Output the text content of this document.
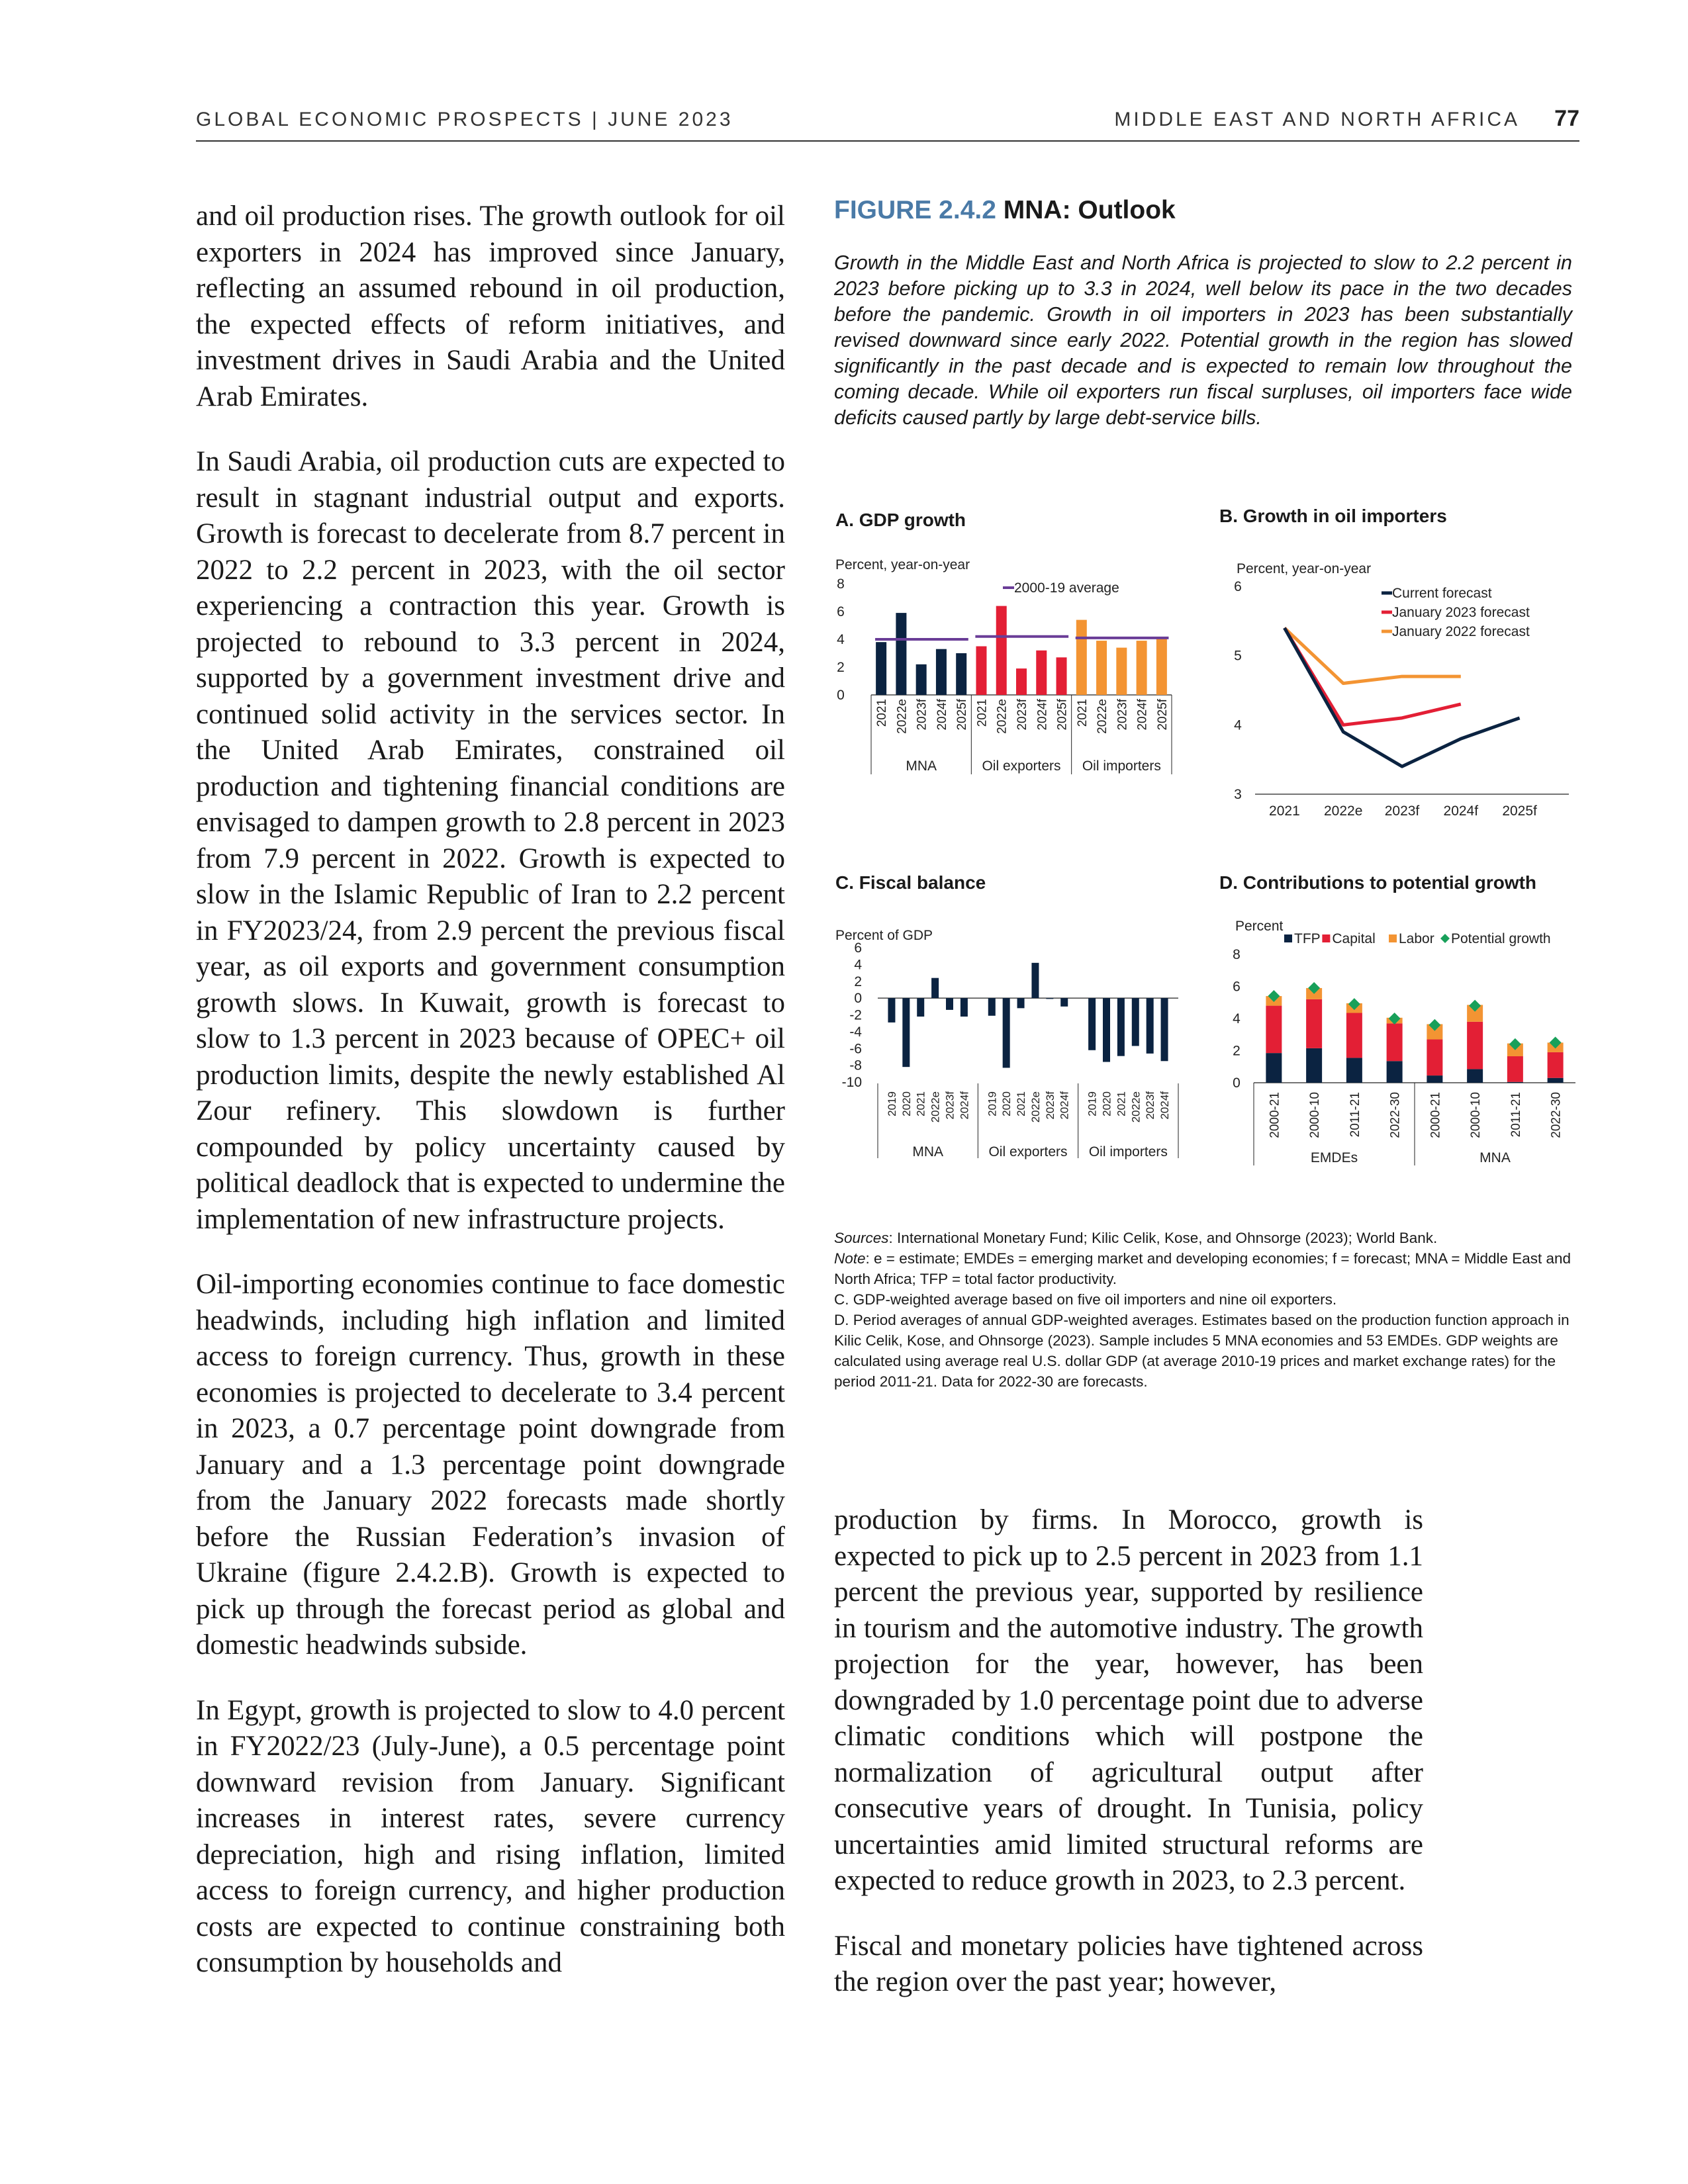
GLOBAL ECONOMIC PROSPECTS | JUNE 2023	MIDDLE EAST AND NORTH AFRICA 77

and oil production rises. The growth outlook for oil exporters in 2024 has improved since January, reflecting an assumed rebound in oil production, the expected effects of reform initiatives, and investment drives in Saudi Arabia and the United Arab Emirates.

In Saudi Arabia, oil production cuts are expected to result in stagnant industrial output and exports. Growth is forecast to decelerate from 8.7 percent in 2022 to 2.2 percent in 2023, with the oil sector experiencing a contraction this year. Growth is projected to rebound to 3.3 percent in 2024, supported by a government investment drive and continued solid activity in the services sector. In the United Arab Emirates, constrained oil production and tightening financial conditions are envisaged to dampen growth to 2.8 percent in 2023 from 7.9 percent in 2022. Growth is expected to slow in the Islamic Republic of Iran to 2.2 percent in FY2023/24, from 2.9 percent the previous fiscal year, as oil exports and government consumption growth slows. In Kuwait, growth is forecast to slow to 1.3 percent in 2023 because of OPEC+ oil production limits, despite the newly established Al Zour refinery. This slowdown is further compounded by policy uncertainty caused by political deadlock that is expected to undermine the implementation of new infrastructure projects.

Oil-importing economies continue to face domestic headwinds, including high inflation and limited access to foreign currency. Thus, growth in these economies is projected to decelerate to 3.4 percent in 2023, a 0.7 percentage point downgrade from January and a 1.3 percentage point downgrade from the January 2022 forecasts made shortly before the Russian Federation’s invasion of Ukraine (figure 2.4.2.B). Growth is expected to pick up through the forecast period as global and domestic headwinds subside.

In Egypt, growth is projected to slow to 4.0 percent in FY2022/23 (July-June), a 0.5 percentage point downward revision from January. Significant increases in interest rates, severe currency depreciation, high and rising inflation, limited access to foreign currency, and higher production costs are expected to continue constraining both consumption by households and

FIGURE 2.4.2 MNA: Outlook
Growth in the Middle East and North Africa is projected to slow to 2.2 percent in 2023 before picking up to 3.3 in 2024, well below its pace in the two decades before the pandemic. Growth in oil importers in 2023 has been substantially revised downward since early 2022. Potential growth in the region has slowed significantly in the past decade and is expected to remain low throughout the coming decade. While oil exporters run fiscal surpluses, oil importers face wide deficits caused partly by large debt-service bills.
A. GDP growth	B. Growth in oil importers
C. Fiscal balance	D. Contributions to potential growth
Percent, year-on-year
0
2
4
6
8
2021 2022e 2023f 2024f 2025f
MNA
2021 2022e 2023f 2024f 2025f
Oil exporters
2021 2022e 2023f 2024f 2025f
Oil importers
2000-19 average
Percent, year-on-year
3
4
5
6
2021 2022e 2023f 2024f 2025f
Current forecast
January 2023 forecast
January 2022 forecast
Percent of GDP
6
4
2
0
-2
-4
-6
-8
-10
2019 2020 2021 2022e 2023f 2024f
MNA
2019 2020 2021 2022e 2023f 2024f
Oil exporters
2019 2020 2021 2022e 2023f 2024f
Oil importers
Percent
0
2
4
6
8
TFP Capital Labor Potential growth
2000-21 2000-10 2011-21 2022-30
EMDEs
2000-21 2000-10 2011-21 2022-30
MNA
Sources: International Monetary Fund; Kilic Celik, Kose, and Ohnsorge (2023); World Bank.
Note: e = estimate; EMDEs = emerging market and developing economies; f = forecast; MNA = Middle East and North Africa; TFP = total factor productivity.
C. GDP-weighted average based on five oil importers and nine oil exporters.
D. Period averages of annual GDP-weighted averages. Estimates based on the production function approach in Kilic Celik, Kose, and Ohnsorge (2023). Sample includes 5 MNA economies and 53 EMDEs. GDP weights are calculated using average real U.S. dollar GDP (at average 2010-19 prices and market exchange rates) for the period 2011-21. Data for 2022-30 are forecasts.

production by firms. In Morocco, growth is expected to pick up to 2.5 percent in 2023 from 1.1 percent the previous year, supported by resilience in tourism and the automotive industry. The growth projection for the year, however, has been downgraded by 1.0 percentage point due to adverse climatic conditions which will postpone the normalization of agricultural output after consecutive years of drought. In Tunisia, policy uncertainties amid limited structural reforms are expected to reduce growth in 2023, to 2.3 percent.

Fiscal and monetary policies have tightened across the region over the past year; however,
